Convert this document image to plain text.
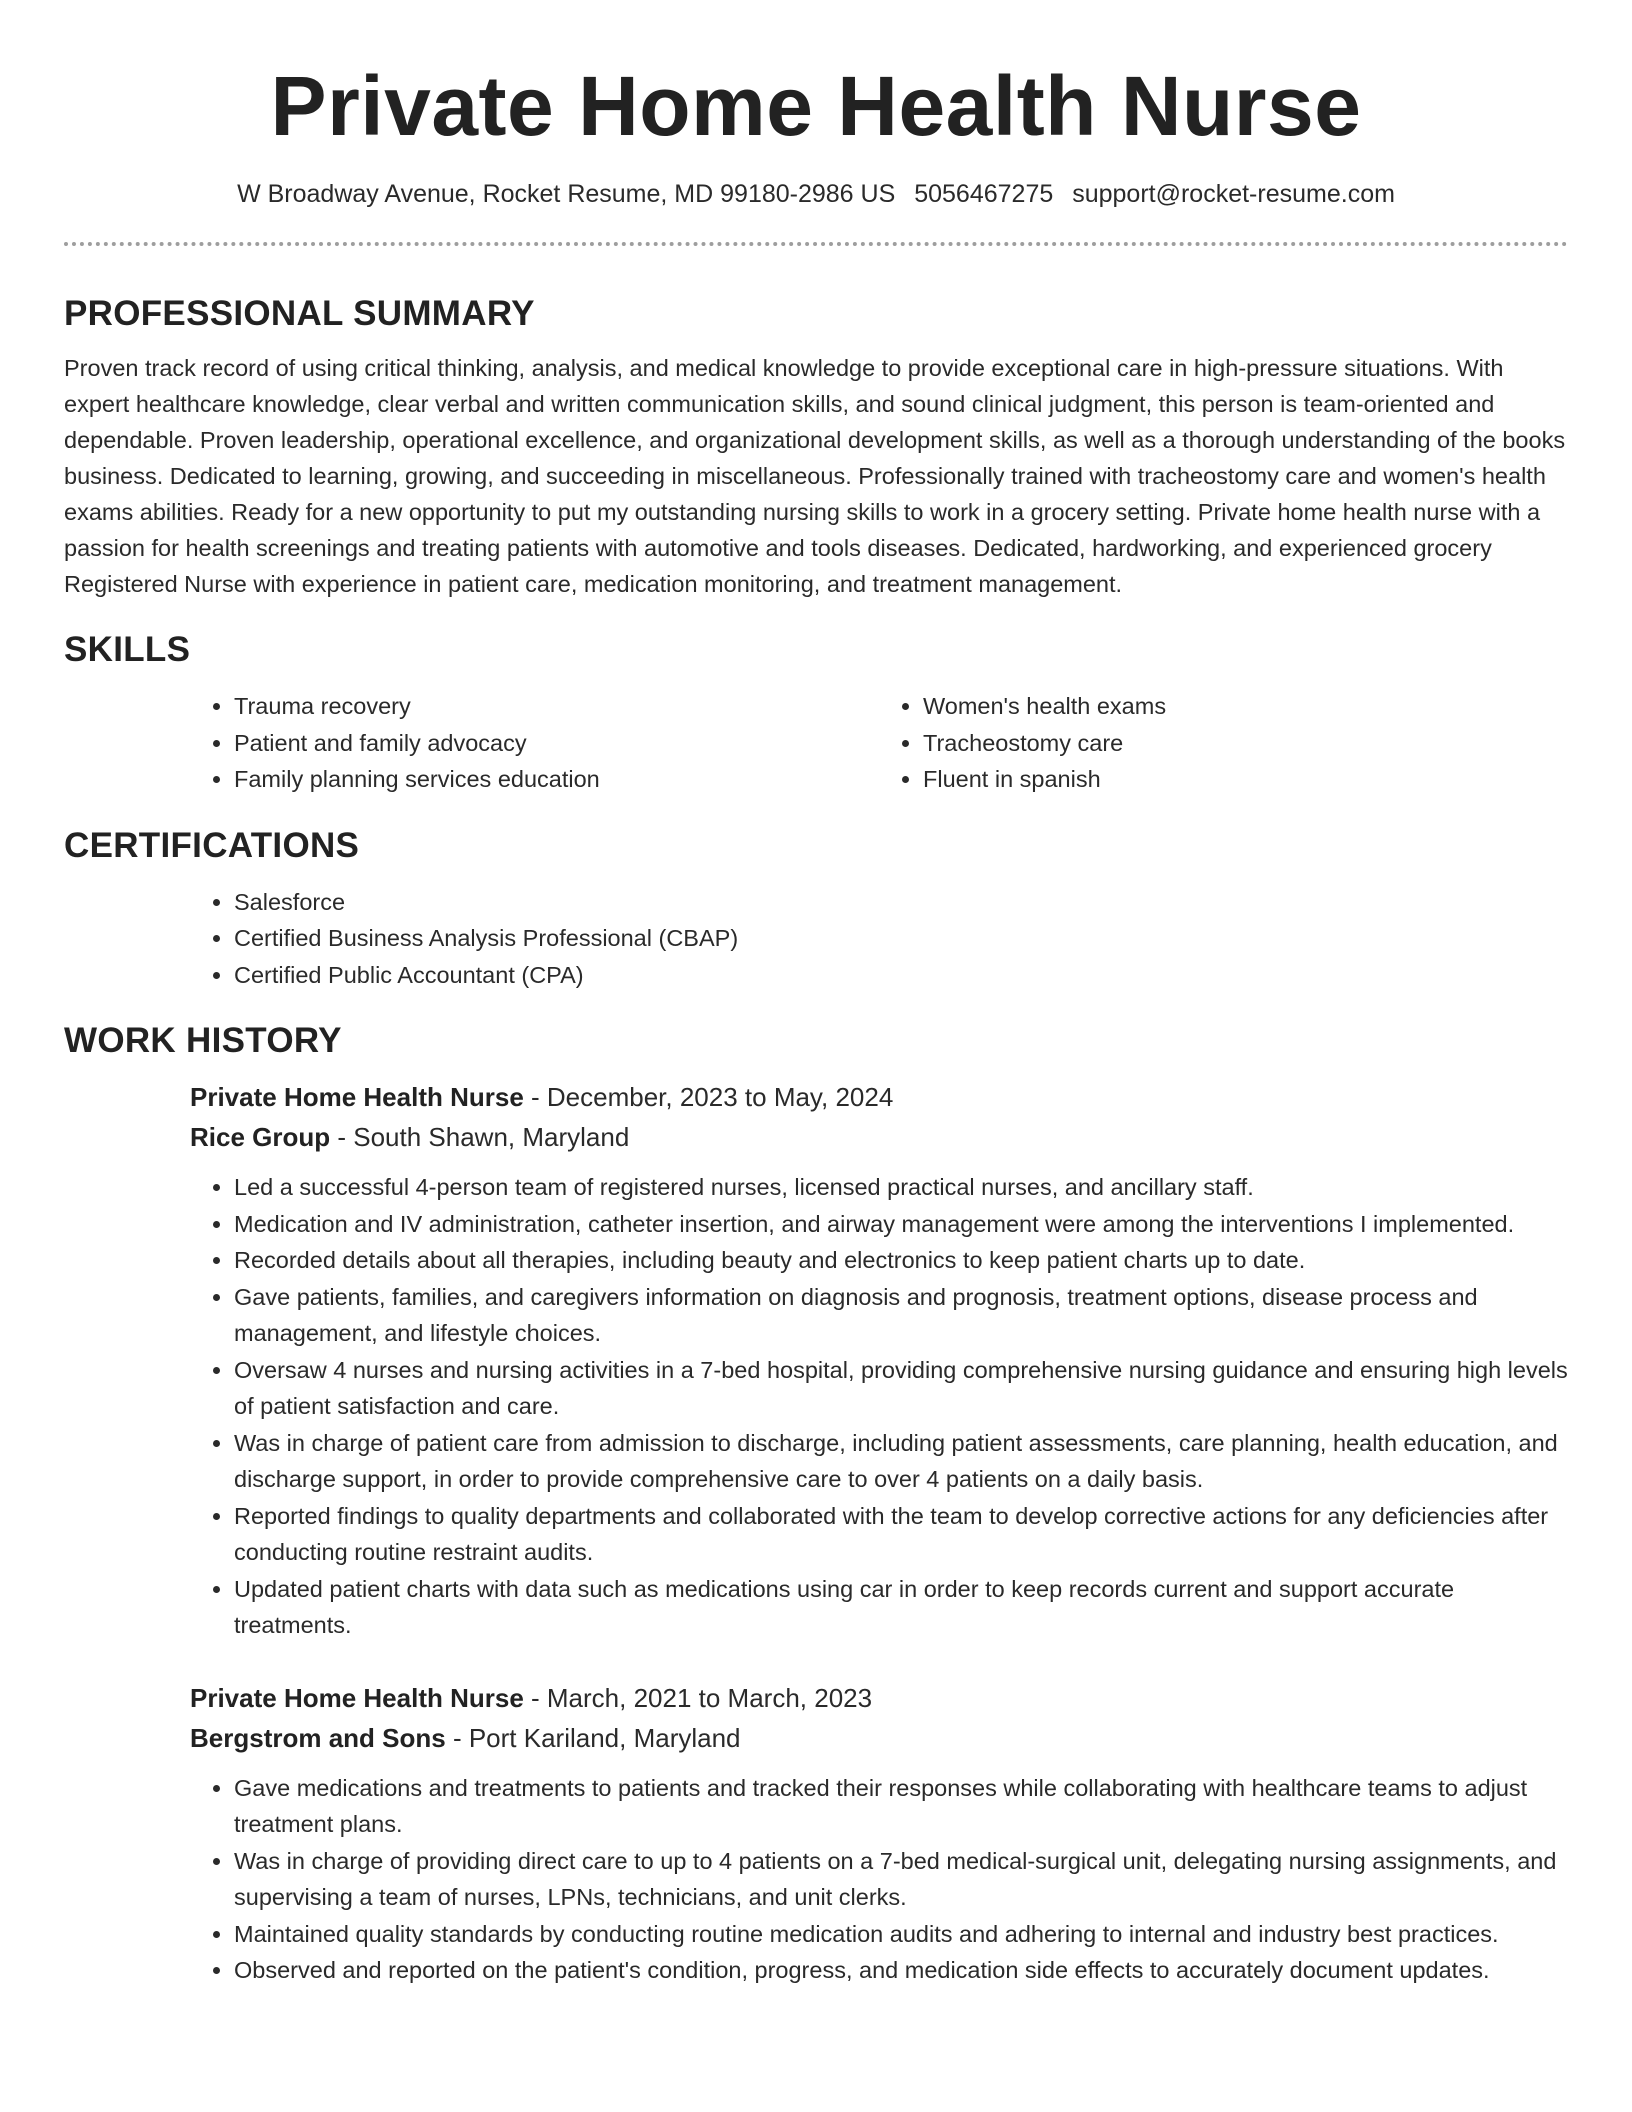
Private Home Health Nurse
W Broadway Avenue, Rocket Resume, MD 99180-2986 US 5056467275 support@rocket-resume.com
PROFESSIONAL SUMMARY

Proven track record of using critical thinking, analysis, and medical knowledge to provide exceptional care in high-pressure situations. With expert healthcare knowledge, clear verbal and written communication skills, and sound clinical judgment, this person is team-oriented and dependable. Proven leadership, operational excellence, and organizational development skills, as well as a thorough understanding of the books business. Dedicated to learning, growing, and succeeding in miscellaneous. Professionally trained with tracheostomy care and women's health exams abilities. Ready for a new opportunity to put my outstanding nursing skills to work in a grocery setting. Private home health nurse with a passion for health screenings and treating patients with automotive and tools diseases. Dedicated, hardworking, and experienced grocery Registered Nurse with experience in patient care, medication monitoring, and treatment management.

SKILLS
• Trauma recovery
• Patient and family advocacy
• Family planning services education
• Women's health exams
• Tracheostomy care
• Fluent in spanish
CERTIFICATIONS
• Salesforce
• Certified Business Analysis Professional (CBAP)
• Certified Public Accountant (CPA)
WORK HISTORY
Private Home Health Nurse - December, 2023 to May, 2024
Rice Group - South Shawn, Maryland
• Led a successful 4-person team of registered nurses, licensed practical nurses, and ancillary staff.
• Medication and IV administration, catheter insertion, and airway management were among the interventions I implemented.
• Recorded details about all therapies, including beauty and electronics to keep patient charts up to date.
• Gave patients, families, and caregivers information on diagnosis and prognosis, treatment options, disease process and management, and lifestyle choices.
• Oversaw 4 nurses and nursing activities in a 7-bed hospital, providing comprehensive nursing guidance and ensuring high levels of patient satisfaction and care.
• Was in charge of patient care from admission to discharge, including patient assessments, care planning, health education, and discharge support, in order to provide comprehensive care to over 4 patients on a daily basis.
• Reported findings to quality departments and collaborated with the team to develop corrective actions for any deficiencies after conducting routine restraint audits.
• Updated patient charts with data such as medications using car in order to keep records current and support accurate treatments.
Private Home Health Nurse - March, 2021 to March, 2023
Bergstrom and Sons - Port Kariland, Maryland
• Gave medications and treatments to patients and tracked their responses while collaborating with healthcare teams to adjust treatment plans.
• Was in charge of providing direct care to up to 4 patients on a 7-bed medical-surgical unit, delegating nursing assignments, and supervising a team of nurses, LPNs, technicians, and unit clerks.
• Maintained quality standards by conducting routine medication audits and adhering to internal and industry best practices.
• Observed and reported on the patient's condition, progress, and medication side effects to accurately document updates.
